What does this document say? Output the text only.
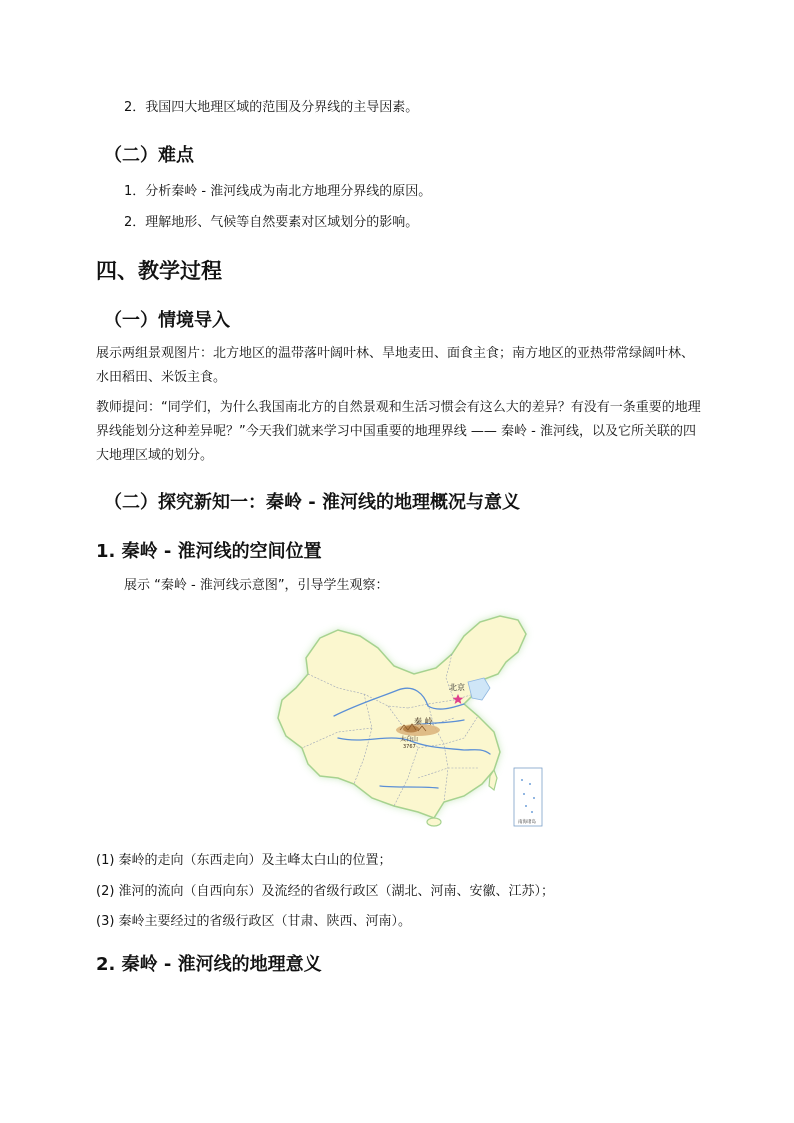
2．我国四大地理区域的范围及分界线的主导因素。
（二）难点
1．分析秦岭 - 淮河线成为南北方地理分界线的原因。
2．理解地形、气候等自然要素对区域划分的影响。
四、教学过程
（一）情境导入
展示两组景观图片：北方地区的温带落叶阔叶林、旱地麦田、面食主食；南方地区的亚热带常绿阔叶林、水田稻田、米饭主食。
教师提问：“同学们，为什么我国南北方的自然景观和生活习惯会有这么大的差异？有没有一条重要的地理界线能划分这种差异呢？”今天我们就来学习中国重要的地理界线 —— 秦岭 - 淮河线，以及它所关联的四大地理区域的划分。
（二）探究新知一：秦岭 - 淮河线的地理概况与意义
1. 秦岭 - 淮河线的空间位置
展示 “秦岭 - 淮河线示意图”，引导学生观察：
秦 岭
太白山
3767
北京
南海诸岛
(1) 秦岭的走向（东西走向）及主峰太白山的位置；
(2) 淮河的流向（自西向东）及流经的省级行政区（湖北、河南、安徽、江苏）；
(3) 秦岭主要经过的省级行政区（甘肃、陕西、河南）。
2. 秦岭 - 淮河线的地理意义
